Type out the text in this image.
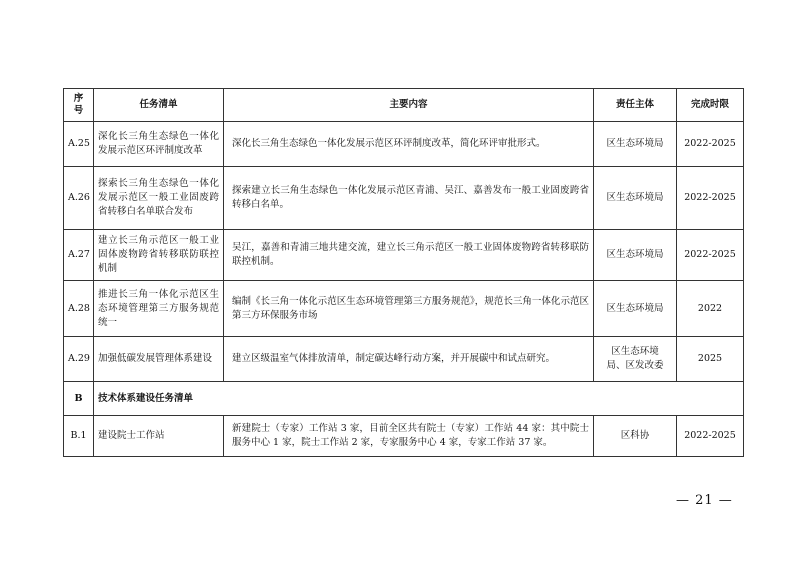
序号	任务清单	主要内容	责任主体	完成时限
A.25	深化长三角生态绿色一体化发展示范区环评制度改革	深化长三角生态绿色一体化发展示范区环评制度改革，简化环评审批形式。	区生态环境局	2022-2025
A.26	探索长三角生态绿色一体化发展示范区一般工业固废跨省转移白名单联合发布	探索建立长三角生态绿色一体化发展示范区青浦、吴江、嘉善发布一般工业固废跨省转移白名单。	区生态环境局	2022-2025
A.27	建立长三角示范区一般工业固体废物跨省转移联防联控机制	吴江，嘉善和青浦三地共建交流，建立长三角示范区一般工业固体废物跨省转移联防联控机制。	区生态环境局	2022-2025
A.28	推进长三角一体化示范区生态环境管理第三方服务规范统一	编制《长三角一体化示范区生态环境管理第三方服务规范》，规范长三角一体化示范区第三方环保服务市场	区生态环境局	2022
A.29	加强低碳发展管理体系建设	建立区级温室气体排放清单，制定碳达峰行动方案，并开展碳中和试点研究。	区生态环境局、区发改委	2025
B	技术体系建设任务清单			
B.1	建设院士工作站	新建院士（专家）工作站 3 家，目前全区共有院士（专家）工作站 44 家：其中院士服务中心 1 家，院士工作站 2 家，专家服务中心 4 家，专家工作站 37 家。	区科协	2022-2025
— 21 —
